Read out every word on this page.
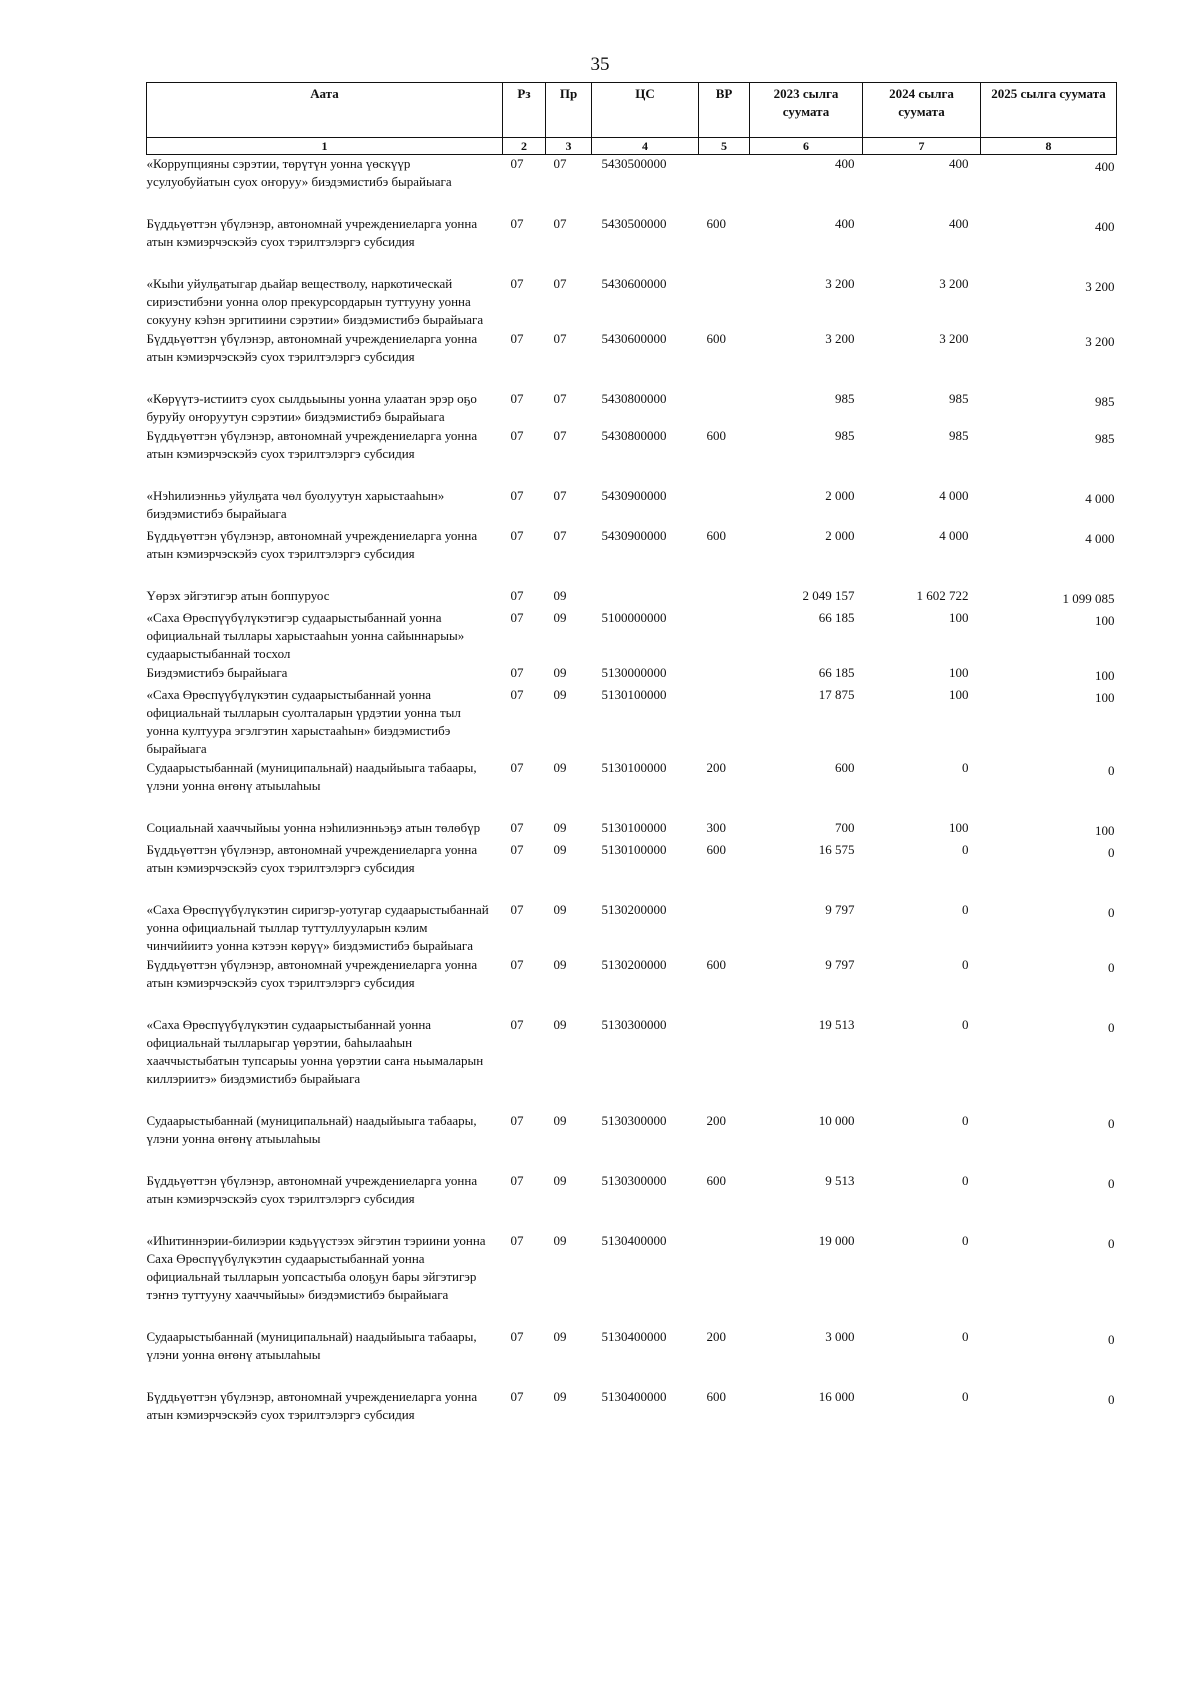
35
Аата	Рз	Пр	ЦС	ВР	2023 сылга суумата	2024 сылга суумата	2025 сылга суумата
1	2	3	4	5	6	7	8
«Коррупцияны сэрэтии, төрүтүн уонна үөскүүр усулуобуйатын суох оҥоруу» биэдэмистибэ бырайыага	07	07	5430500000		400	400	400
Бүддьүөттэн үбүлэнэр, автономнай учреждениеларга уонна атын кэмиэрчэскэйэ суох тэрилтэлэргэ субсидия	07	07	5430500000	600	400	400	400
«Кыһи уйулҕатыгар дьайар веществолу, наркотическай сириэстибэни уонна олор прекурсордарын туттууну уонна сокууну кэһэн эргитиини сэрэтии» биэдэмистибэ бырайыага	07	07	5430600000		3 200	3 200	3 200
Бүддьүөттэн үбүлэнэр, автономнай учреждениеларга уонна атын кэмиэрчэскэйэ суох тэрилтэлэргэ субсидия	07	07	5430600000	600	3 200	3 200	3 200
«Көрүүтэ-истиитэ суох сылдьыыны уонна улаатан эрэр оҕо буруйу оҥоруутун сэрэтии» биэдэмистибэ бырайыага	07	07	5430800000		985	985	985
Бүддьүөттэн үбүлэнэр, автономнай учреждениеларга уонна атын кэмиэрчэскэйэ суох тэрилтэлэргэ субсидия	07	07	5430800000	600	985	985	985
«Нэһилиэнньэ уйулҕата чөл буолуутун харыстааһын» биэдэмистибэ бырайыага	07	07	5430900000		2 000	4 000	4 000
Бүддьүөттэн үбүлэнэр, автономнай учреждениеларга уонна атын кэмиэрчэскэйэ суох тэрилтэлэргэ субсидия	07	07	5430900000	600	2 000	4 000	4 000
Үөрэх эйгэтигэр атын боппуруос	07	09			2 049 157	1 602 722	1 099 085
«Саха Өрөспүүбүлүкэтигэр судаарыстыбаннай уонна официальнай тыллары харыстааһын уонна сайыннарыы» судаарыстыбаннай тосхол	07	09	5100000000		66 185	100	100
Биэдэмистибэ бырайыага	07	09	5130000000		66 185	100	100
«Саха Өрөспүүбүлүкэтин судаарыстыбаннай уонна официальнай тылларын суолталарын үрдэтии уонна тыл уонна култуура эгэлгэтин харыстааһын» биэдэмистибэ бырайыага	07	09	5130100000		17 875	100	100
Судаарыстыбаннай (муниципальнай) наадыйыыга табаары, үлэни уонна өҥөнү атыылаһыы	07	09	5130100000	200	600	0	0
Социальнай хааччыйыы уонна нэһилиэнньэҕэ атын төлөбүр	07	09	5130100000	300	700	100	100
Бүддьүөттэн үбүлэнэр, автономнай учреждениеларга уонна атын кэмиэрчэскэйэ суох тэрилтэлэргэ субсидия	07	09	5130100000	600	16 575	0	0
«Саха Өрөспүүбүлүкэтин сиригэр-уотугар судаарыстыбаннай уонна официальнай тыллар туттуллууларын кэлим чинчийиитэ уонна кэтээн көрүү» биэдэмистибэ бырайыага	07	09	5130200000		9 797	0	0
Бүддьүөттэн үбүлэнэр, автономнай учреждениеларга уонна атын кэмиэрчэскэйэ суох тэрилтэлэргэ субсидия	07	09	5130200000	600	9 797	0	0
«Саха Өрөспүүбүлүкэтин судаарыстыбаннай уонна официальнай тылларыгар үөрэтии, баһылааһын хааччыстыбатын тупсарыы уонна үөрэтии саҥа ньымаларын киллэриитэ» биэдэмистибэ бырайыага	07	09	5130300000		19 513	0	0
Судаарыстыбаннай (муниципальнай) наадыйыыга табаары, үлэни уонна өҥөнү атыылаһыы	07	09	5130300000	200	10 000	0	0
Бүддьүөттэн үбүлэнэр, автономнай учреждениеларга уонна атын кэмиэрчэскэйэ суох тэрилтэлэргэ субсидия	07	09	5130300000	600	9 513	0	0
«Иһитиннэрии-билиэрии кэдьүүстээх эйгэтин тэриини уонна Саха Өрөспүүбүлүкэтин судаарыстыбаннай уонна официальнай тылларын уопсастыба олоҕун бары эйгэтигэр тэҥнэ туттууну хааччыйыы» биэдэмистибэ бырайыага	07	09	5130400000		19 000	0	0
Судаарыстыбаннай (муниципальнай) наадыйыыга табаары, үлэни уонна өҥөнү атыылаһыы	07	09	5130400000	200	3 000	0	0
Бүддьүөттэн үбүлэнэр, автономнай учреждениеларга уонна атын кэмиэрчэскэйэ суох тэрилтэлэргэ субсидия	07	09	5130400000	600	16 000	0	0
